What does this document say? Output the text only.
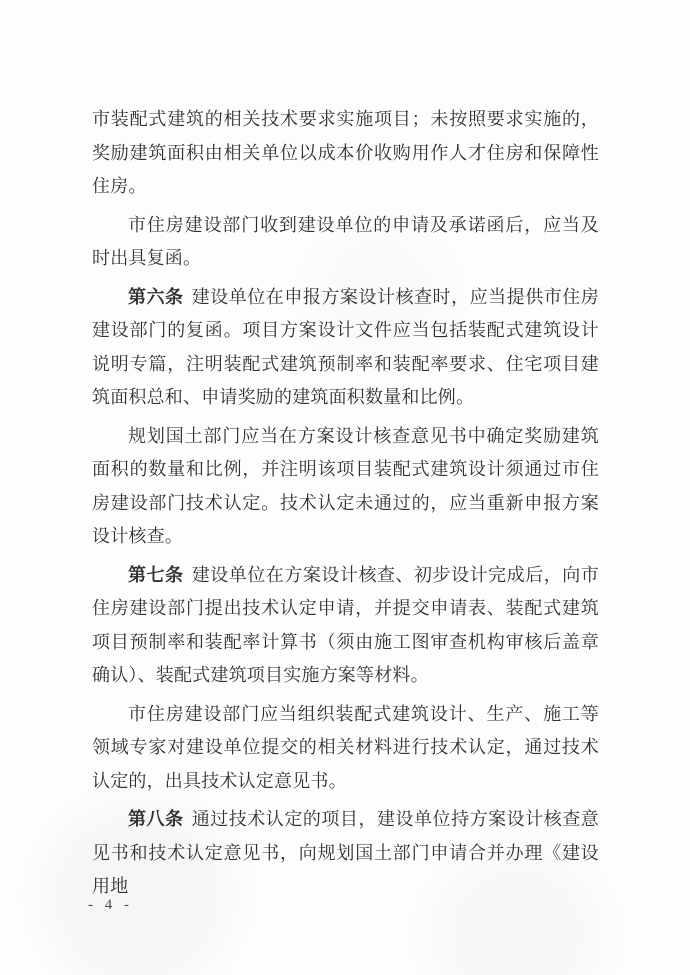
市装配式建筑的相关技术要求实施项目；未按照要求实施的，奖励建筑面积由相关单位以成本价收购用作人才住房和保障性住房。

市住房建设部门收到建设单位的申请及承诺函后，应当及时出具复函。

第六条 建设单位在申报方案设计核查时，应当提供市住房建设部门的复函。项目方案设计文件应当包括装配式建筑设计说明专篇，注明装配式建筑预制率和装配率要求、住宅项目建筑面积总和、申请奖励的建筑面积数量和比例。

规划国土部门应当在方案设计核查意见书中确定奖励建筑面积的数量和比例，并注明该项目装配式建筑设计须通过市住房建设部门技术认定。技术认定未通过的，应当重新申报方案设计核查。

第七条 建设单位在方案设计核查、初步设计完成后，向市住房建设部门提出技术认定申请，并提交申请表、装配式建筑项目预制率和装配率计算书（须由施工图审查机构审核后盖章确认）、装配式建筑项目实施方案等材料。

市住房建设部门应当组织装配式建筑设计、生产、施工等领域专家对建设单位提交的相关材料进行技术认定，通过技术认定的，出具技术认定意见书。

第八条 通过技术认定的项目，建设单位持方案设计核查意见书和技术认定意见书，向规划国土部门申请合并办理《建设用地

- 4 -
